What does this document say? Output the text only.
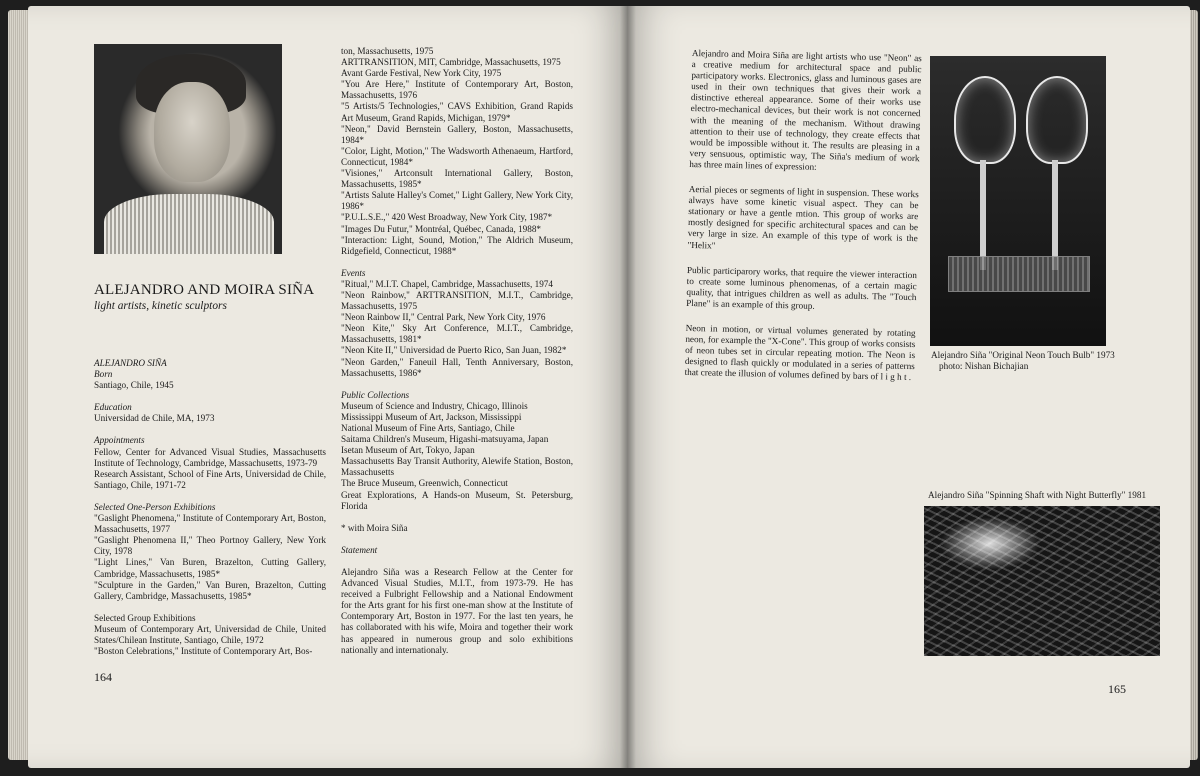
ALEJANDRO AND MOIRA SIÑA
light artists, kinetic sculptors

ALEJANDRO SIÑA

Born

Santiago, Chile, 1945

Education

Universidad de Chile, MA, 1973

Appointments

Fellow, Center for Advanced Visual Studies, Massachusetts Institute of Technology, Cambridge, Massachusetts, 1973-79

Research Assistant, School of Fine Arts, Universidad de Chile, Santiago, Chile, 1971-72

Selected One-Person Exhibitions

"Gaslight Phenomena," Institute of Contemporary Art, Boston, Massachusetts, 1977

"Gaslight Phenomena II," Theo Portnoy Gallery, New York City, 1978

"Light Lines," Van Buren, Brazelton, Cutting Gallery, Cambridge, Massachusetts, 1985*

"Sculpture in the Garden," Van Buren, Brazelton, Cutting Gallery, Cambridge, Massachusetts, 1985*

Selected Group Exhibitions

Museum of Contemporary Art, Universidad de Chile, United States/Chilean Institute, Santiago, Chile, 1972

"Boston Celebrations," Institute of Contemporary Art, Bos-

ton, Massachusetts, 1975

ARTTRANSITION, MIT, Cambridge, Massachusetts, 1975

Avant Garde Festival, New York City, 1975

"You Are Here," Institute of Contemporary Art, Boston, Massachusetts, 1976

"5 Artists/5 Technologies," CAVS Exhibition, Grand Rapids Art Museum, Grand Rapids, Michigan, 1979*

"Neon," David Bernstein Gallery, Boston, Massachusetts, 1984*

"Color, Light, Motion," The Wadsworth Athenaeum, Hartford, Connecticut, 1984*

"Visiones," Artconsult International Gallery, Boston, Massachusetts, 1985*

"Artists Salute Halley's Comet," Light Gallery, New York City, 1986*

"P.U.L.S.E.," 420 West Broadway, New York City, 1987*

"Images Du Futur," Montréal, Québec, Canada, 1988*

"Interaction: Light, Sound, Motion," The Aldrich Museum, Ridgefield, Connecticut, 1988*

Events

"Ritual," M.I.T. Chapel, Cambridge, Massachusetts, 1974

"Neon Rainbow," ARTTRANSITION, M.I.T., Cambridge, Massachusetts, 1975

"Neon Rainbow II," Central Park, New York City, 1976

"Neon Kite," Sky Art Conference, M.I.T., Cambridge, Massachusetts, 1981*

"Neon Kite II," Universidad de Puerto Rico, San Juan, 1982*

"Neon Garden," Faneuil Hall, Tenth Anniversary, Boston, Massachusetts, 1986*

Public Collections

Museum of Science and Industry, Chicago, Illinois

Mississippi Museum of Art, Jackson, Mississippi

National Museum of Fine Arts, Santiago, Chile

Saitama Children's Museum, Higashi-matsuyama, Japan

Isetan Museum of Art, Tokyo, Japan

Massachusetts Bay Transit Authority, Alewife Station, Boston, Massachusetts

The Bruce Museum, Greenwich, Connecticut

Great Explorations, A Hands-on Museum, St. Petersburg, Florida

* with Moira Siña

Statement

Alejandro Siña was a Research Fellow at the Center for Advanced Visual Studies, M.I.T., from 1973-79. He has received a Fulbright Fellowship and a National Endowment for the Arts grant for his first one-man show at the Institute of Contemporary Art, Boston in 1977. For the last ten years, he has collaborated with his wife, Moira and together their work has appeared in numerous group and solo exhibitions nationally and internationaly.

164

Alejandro and Moira Siña are light artists who use "Neon" as a creative medium for architectural space and public participatory works. Electronics, glass and luminous gases are used in their own techniques that gives their work a distinctive ethereal appearance. Some of their works use electro-mechanical devices, but their work is not concerned with the meaning of the mechanism. Without drawing attention to their use of technology, they create effects that would be impossible without it. The results are pleasing in a very sensuous, optimistic way, The Siña's medium of work has three main lines of expression:

Aerial pieces or segments of light in suspension. These works always have some kinetic visual aspect. They can be stationary or have a gentle mtion. This group of works are mostly designed for specific architectural spaces and can be very large in size. An example of this type of work is the "Helix"

Public participarory works, that require the viewer interaction to create some luminous phenomenas, of a certain magic quality, that intrigues children as well as adults. The "Touch Plane" is an example of this group.

Neon in motion, or virtual volumes generated by rotating neon, for example the "X-Cone". This group of works consists of neon tubes set in circular repeating motion. The Neon is designed to flash quickly or modulated in a series of patterns that create the illusion of volumes defined by bars of l i g h t .

Alejandro Siña "Original Neon Touch Bulb" 1973
photo: Nishan Bichajian
Alejandro Siña "Spinning Shaft with Night Butterfly" 1981
165
